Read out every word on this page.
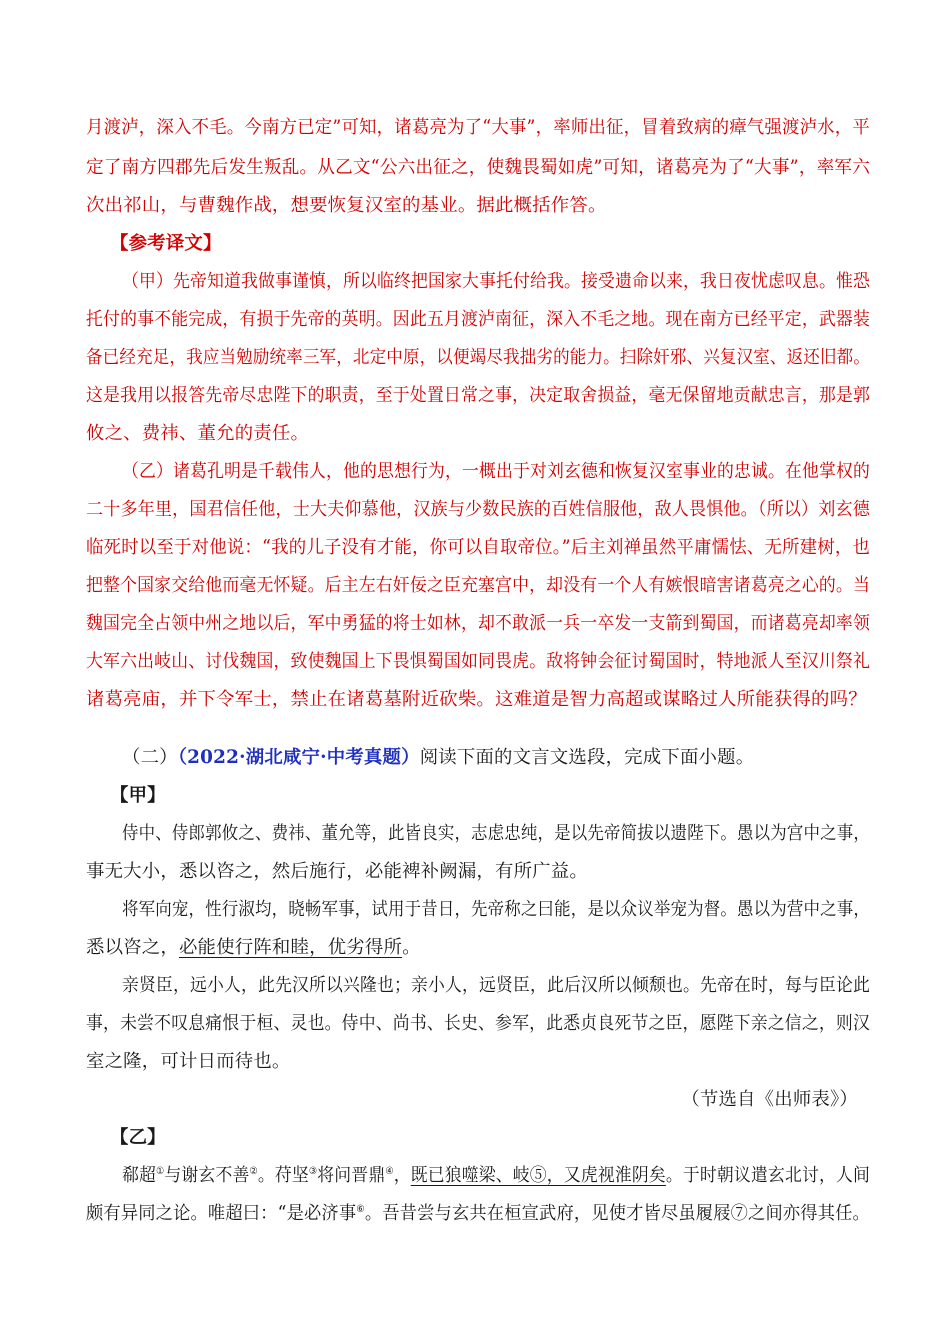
月渡泸，深入不毛。今南方已定”可知，诸葛亮为了“大事”，率师出征，冒着致病的瘴气强渡泸水，平
定了南方四郡先后发生叛乱。从乙文“公六出征之，使魏畏蜀如虎”可知，诸葛亮为了“大事”，率军六
次出祁山，与曹魏作战，想要恢复汉室的基业。据此概括作答。
【参考译文】
（甲）先帝知道我做事谨慎，所以临终把国家大事托付给我。接受遗命以来，我日夜忧虑叹息。惟恐
托付的事不能完成，有损于先帝的英明。因此五月渡泸南征，深入不毛之地。现在南方已经平定，武器装
备已经充足，我应当勉励统率三军，北定中原，以便竭尽我拙劣的能力。扫除奸邪、兴复汉室、返还旧都。
这是我用以报答先帝尽忠陛下的职责，至于处置日常之事，决定取舍损益，毫无保留地贡献忠言，那是郭
攸之、费祎、董允的责任。
（乙）诸葛孔明是千载伟人，他的思想行为，一概出于对刘玄德和恢复汉室事业的忠诚。在他掌权的
二十多年里，国君信任他，士大夫仰慕他，汉族与少数民族的百姓信服他，敌人畏惧他。（所以）刘玄德
临死时以至于对他说：“我的儿子没有才能，你可以自取帝位。”后主刘禅虽然平庸懦怯、无所建树，也
把整个国家交给他而毫无怀疑。后主左右奸佞之臣充塞宫中，却没有一个人有嫉恨暗害诸葛亮之心的。当
魏国完全占领中州之地以后，军中勇猛的将士如林，却不敢派一兵一卒发一支箭到蜀国，而诸葛亮却率领
大军六出岐山、讨伐魏国，致使魏国上下畏惧蜀国如同畏虎。敌将钟会征讨蜀国时，特地派人至汉川祭礼
诸葛亮庙，并下令军士，禁止在诸葛墓附近砍柴。这难道是智力高超或谋略过人所能获得的吗？
（二）（2022·湖北咸宁·中考真题）阅读下面的文言文选段，完成下面小题。
【甲】
侍中、侍郎郭攸之、费祎、董允等，此皆良实，志虑忠纯，是以先帝简拔以遗陛下。愚以为宫中之事，
事无大小，悉以咨之，然后施行，必能裨补阙漏，有所广益。
将军向宠，性行淑均，晓畅军事，试用于昔日，先帝称之曰能，是以众议举宠为督。愚以为营中之事，
悉以咨之，必能使行阵和睦，优劣得所。
亲贤臣，远小人，此先汉所以兴隆也；亲小人，远贤臣，此后汉所以倾颓也。先帝在时，每与臣论此
事，未尝不叹息痛恨于桓、灵也。侍中、尚书、长史、参军，此悉贞良死节之臣，愿陛下亲之信之，则汉
室之隆，可计日而待也。
（节选自《出师表》）
【乙】
郗超①与谢玄不善②。苻坚③将问晋鼎④，既已狼噬梁、岐⑤，又虎视淮阴矣。于时朝议遣玄北讨，人间
颇有异同之论。唯超曰：“是必济事⑥。吾昔尝与玄共在桓宣武府，见使才皆尽虽履屐⑦之间亦得其任。
